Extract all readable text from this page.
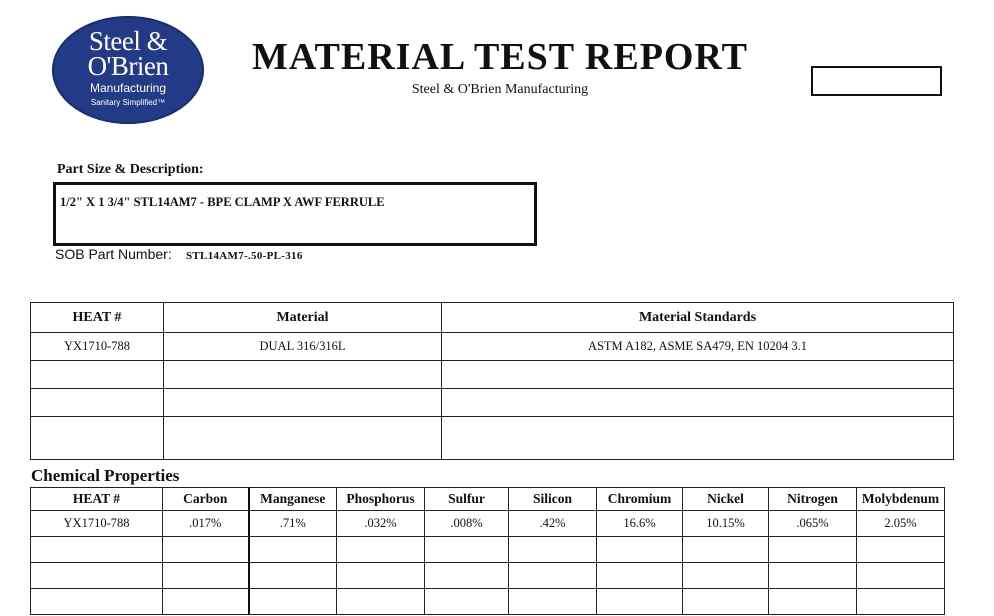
Steel &
O'Brien
Manufacturing
Sanitary Simplified™
MATERIAL TEST REPORT
Steel & O'Brien Manufacturing
Part Size & Description:
1/2" X 1 3/4" STL14AM7 - BPE CLAMP X AWF FERRULE
SOB Part Number: STL14AM7-.50-PL-316
HEAT #	Material	Material Standards
YX1710-788	DUAL 316/316L	ASTM A182, ASME SA479, EN 10204 3.1

Chemical Properties
HEAT #	Carbon	Manganese	Phosphorus	Sulfur	Silicon	Chromium	Nickel	Nitrogen	Molybdenum
YX1710-788	.017%	.71%	.032%	.008%	.42%	16.6%	10.15%	.065%	2.05%
